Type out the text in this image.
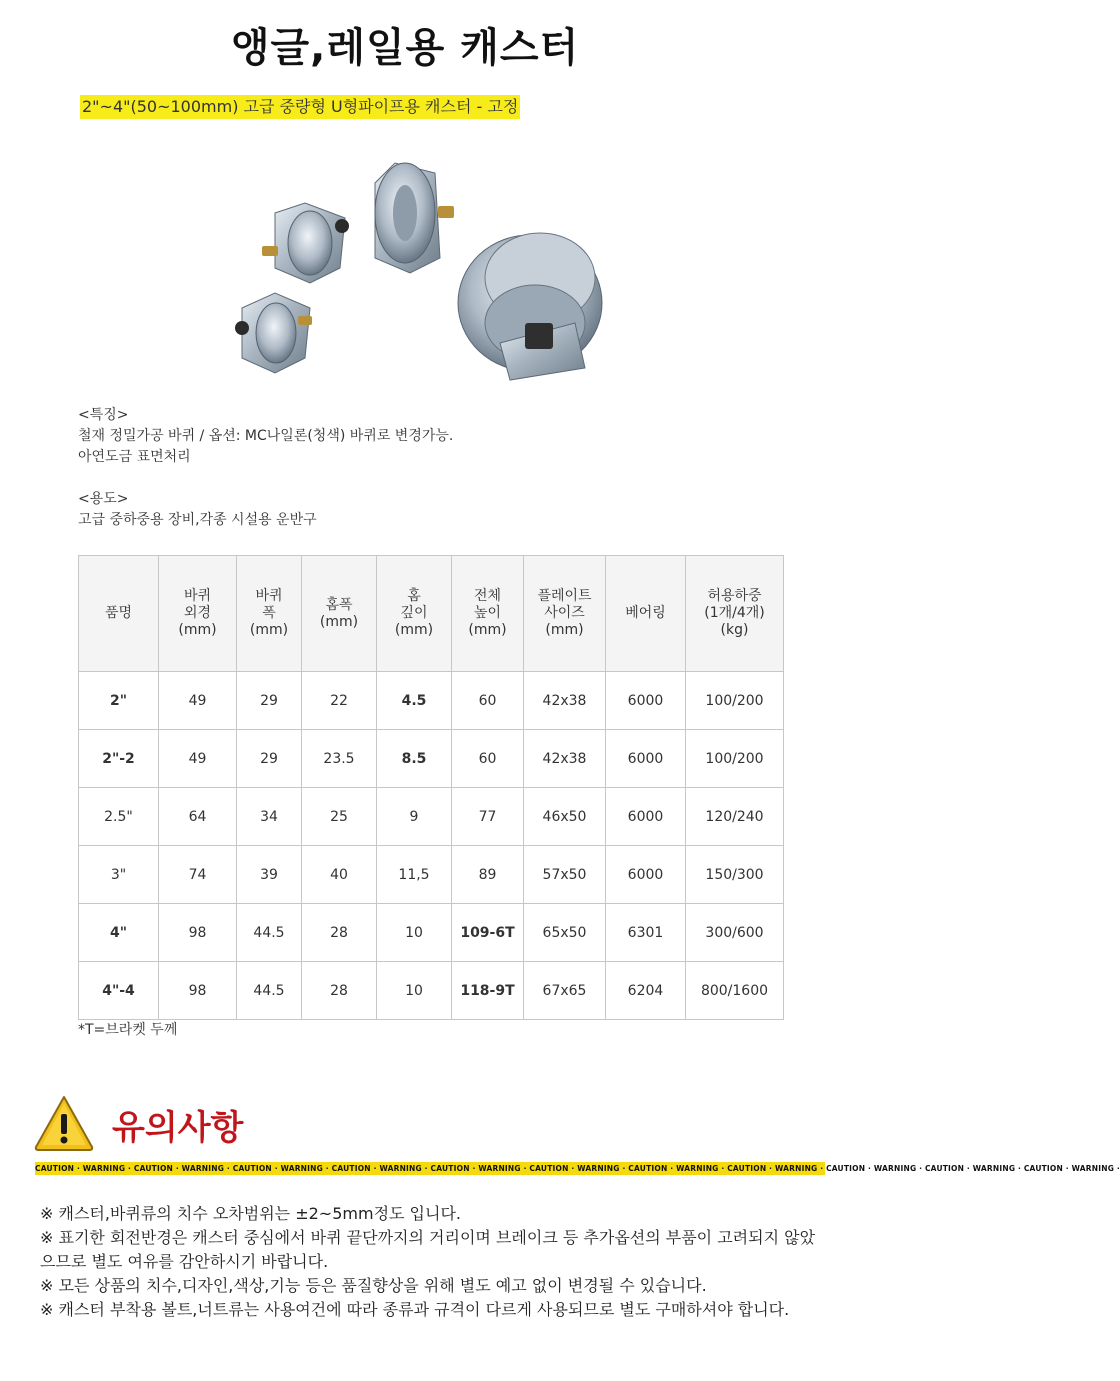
앵글,레일용 캐스터
2"~4"(50~100mm) 고급 중량형 U형파이프용 캐스터 - 고정
<특징>
철재 정밀가공 바퀴 / 옵션: MC나일론(청색) 바퀴로 변경가능.
아연도금 표면처리
<용도>
고급 중하중용 장비,각종 시설용 운반구
품명	바퀴
외경
(mm)	바퀴
폭
(mm)	홈폭
(mm)	홈
깊이
(mm)	전체
높이
(mm)	플레이트
사이즈
(mm)	베어링	허용하중
(1개/4개)
(kg)
2"	49	29	22	4.5	60	42x38	6000	100/200
2"-2	49	29	23.5	8.5	60	42x38	6000	100/200
2.5"	64	34	25	9	77	46x50	6000	120/240
3"	74	39	40	11,5	89	57x50	6000	150/300
4"	98	44.5	28	10	109-6T	65x50	6301	300/600
4"-4	98	44.5	28	10	118-9T	67x65	6204	800/1600
*T=브라켓 두께
유의사항
CAUTION · WARNING · CAUTION · WARNING · CAUTION · WARNING · CAUTION · WARNING · CAUTION · WARNING · CAUTION · WARNING · CAUTION · WARNING · CAUTION · WARNING · CAUTION · WARNING · CAUTION · WARNING · CAUTION · WARNING ·
※ 캐스터,바퀴류의 치수 오차범위는 ±2~5mm정도 입니다.
※ 표기한 회전반경은 캐스터 중심에서 바퀴 끝단까지의 거리이며 브레이크 등 추가옵션의 부품이 고려되지 않았으므로 별도 여유를 감안하시기 바랍니다.
※ 모든 상품의 치수,디자인,색상,기능 등은 품질향상을 위해 별도 예고 없이 변경될 수 있습니다.
※ 캐스터 부착용 볼트,너트류는 사용여건에 따라 종류과 규격이 다르게 사용되므로 별도 구매하셔야 합니다.
